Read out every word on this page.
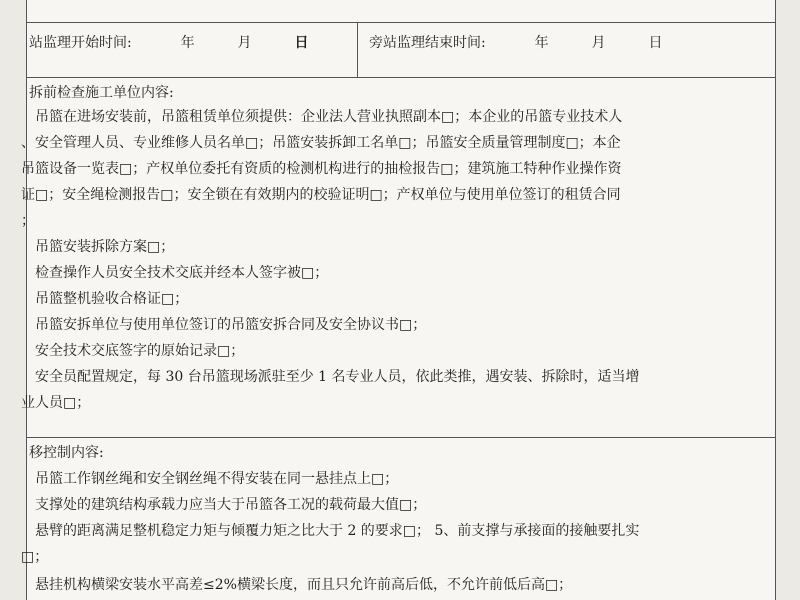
站监理开始时间:	年	月	日	旁站监理结束时间:	年	月	日
拆前检查施工单位内容:
吊篮在进场安装前，吊篮租赁单位须提供：企业法人营业执照副本□；本企业的吊篮专业技术人
、安全管理人员、专业维修人员名单□；吊篮安装拆卸工名单□；吊篮安全质量管理制度□；本企
吊篮设备一览表□；产权单位委托有资质的检测机构进行的抽检报告□；建筑施工特种作业操作资
证□；安全绳检测报告□；安全锁在有效期内的校验证明□；产权单位与使用单位签订的租赁合同
；
吊篮安装拆除方案□；
检查操作人员安全技术交底并经本人签字被□；
吊篮整机验收合格证□；
吊篮安拆单位与使用单位签订的吊篮安拆合同及安全协议书□；
安全技术交底签字的原始记录□；
安全员配置规定，每 30 台吊篮现场派驻至少 1 名专业人员，依此类推，遇安装、拆除时，适当增
业人员□；
移控制内容:
吊篮工作钢丝绳和安全钢丝绳不得安装在同一悬挂点上□；
支撑处的建筑结构承载力应当大于吊篮各工况的载荷最大值□；
悬臂的距离满足整机稳定力矩与倾覆力矩之比大于 2 的要求□； 5、前支撑与承接面的接触要扎实
□；
悬挂机构横梁安装水平高差≤2%横梁长度，而且只允许前高后低，不允许前低后高□；
